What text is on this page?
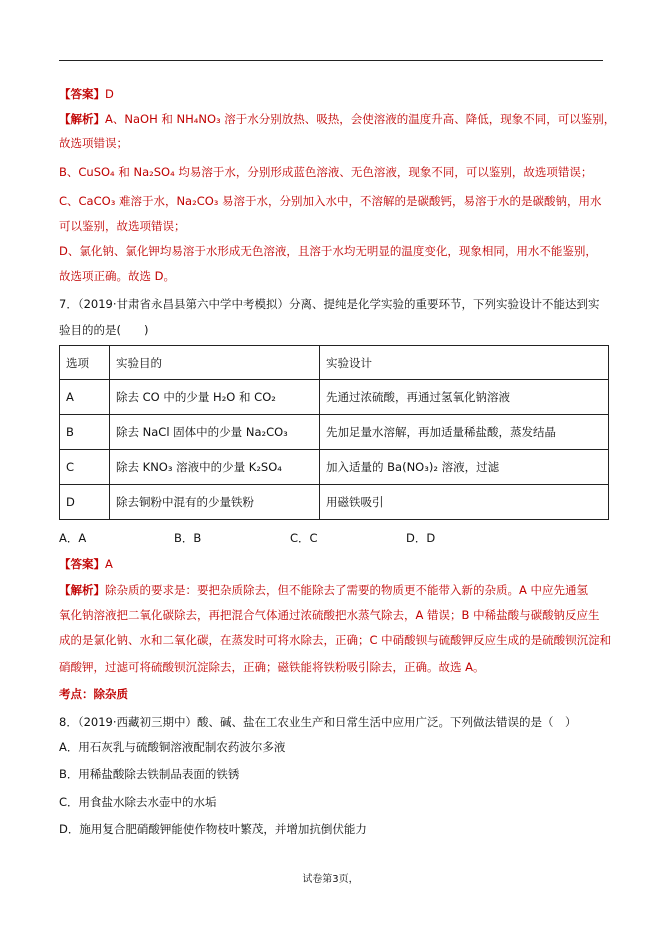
【答案】D
【解析】A、NaOH 和 NH₄NO₃ 溶于水分别放热、吸热，会使溶液的温度升高、降低，现象不同，可以鉴别，
故选项错误；
B、CuSO₄ 和 Na₂SO₄ 均易溶于水，分别形成蓝色溶液、无色溶液，现象不同，可以鉴别，故选项错误；
C、CaCO₃ 难溶于水，Na₂CO₃ 易溶于水，分别加入水中，不溶解的是碳酸钙，易溶于水的是碳酸钠，用水
可以鉴别，故选项错误；
D、氯化钠、氯化钾均易溶于水形成无色溶液，且溶于水均无明显的温度变化，现象相同，用水不能鉴别，
故选项正确。故选 D。
7．（2019·甘肃省永昌县第六中学中考模拟）分离、提纯是化学实验的重要环节，下列实验设计不能达到实
验目的的是(　　)
选项	实验目的	实验设计
A	除去 CO 中的少量 H₂O 和 CO₂	先通过浓硫酸，再通过氢氧化钠溶液
B	除去 NaCl 固体中的少量 Na₂CO₃	先加足量水溶解，再加适量稀盐酸，蒸发结晶
C	除去 KNO₃ 溶液中的少量 K₂SO₄	加入适量的 Ba(NO₃)₂ 溶液，过滤
D	除去铜粉中混有的少量铁粉	用磁铁吸引
A．A	B．B	C．C	D．D
【答案】A
【解析】除杂质的要求是：要把杂质除去，但不能除去了需要的物质更不能带入新的杂质。A 中应先通氢
氧化钠溶液把二氧化碳除去，再把混合气体通过浓硫酸把水蒸气除去，A 错误；B 中稀盐酸与碳酸钠反应生
成的是氯化钠、水和二氧化碳，在蒸发时可将水除去，正确；C 中硝酸钡与硫酸钾反应生成的是硫酸钡沉淀和
硝酸钾，过滤可将硫酸钡沉淀除去，正确；磁铁能将铁粉吸引除去，正确。故选 A。
考点：除杂质
8．（2019·西藏初三期中）酸、碱、盐在工农业生产和日常生活中应用广泛。下列做法错误的是（　）
A．用石灰乳与硫酸铜溶液配制农药波尔多液
B．用稀盐酸除去铁制品表面的铁锈
C．用食盐水除去水壶中的水垢
D．施用复合肥硝酸钾能使作物枝叶繁茂，并增加抗倒伏能力
试卷第3页，
